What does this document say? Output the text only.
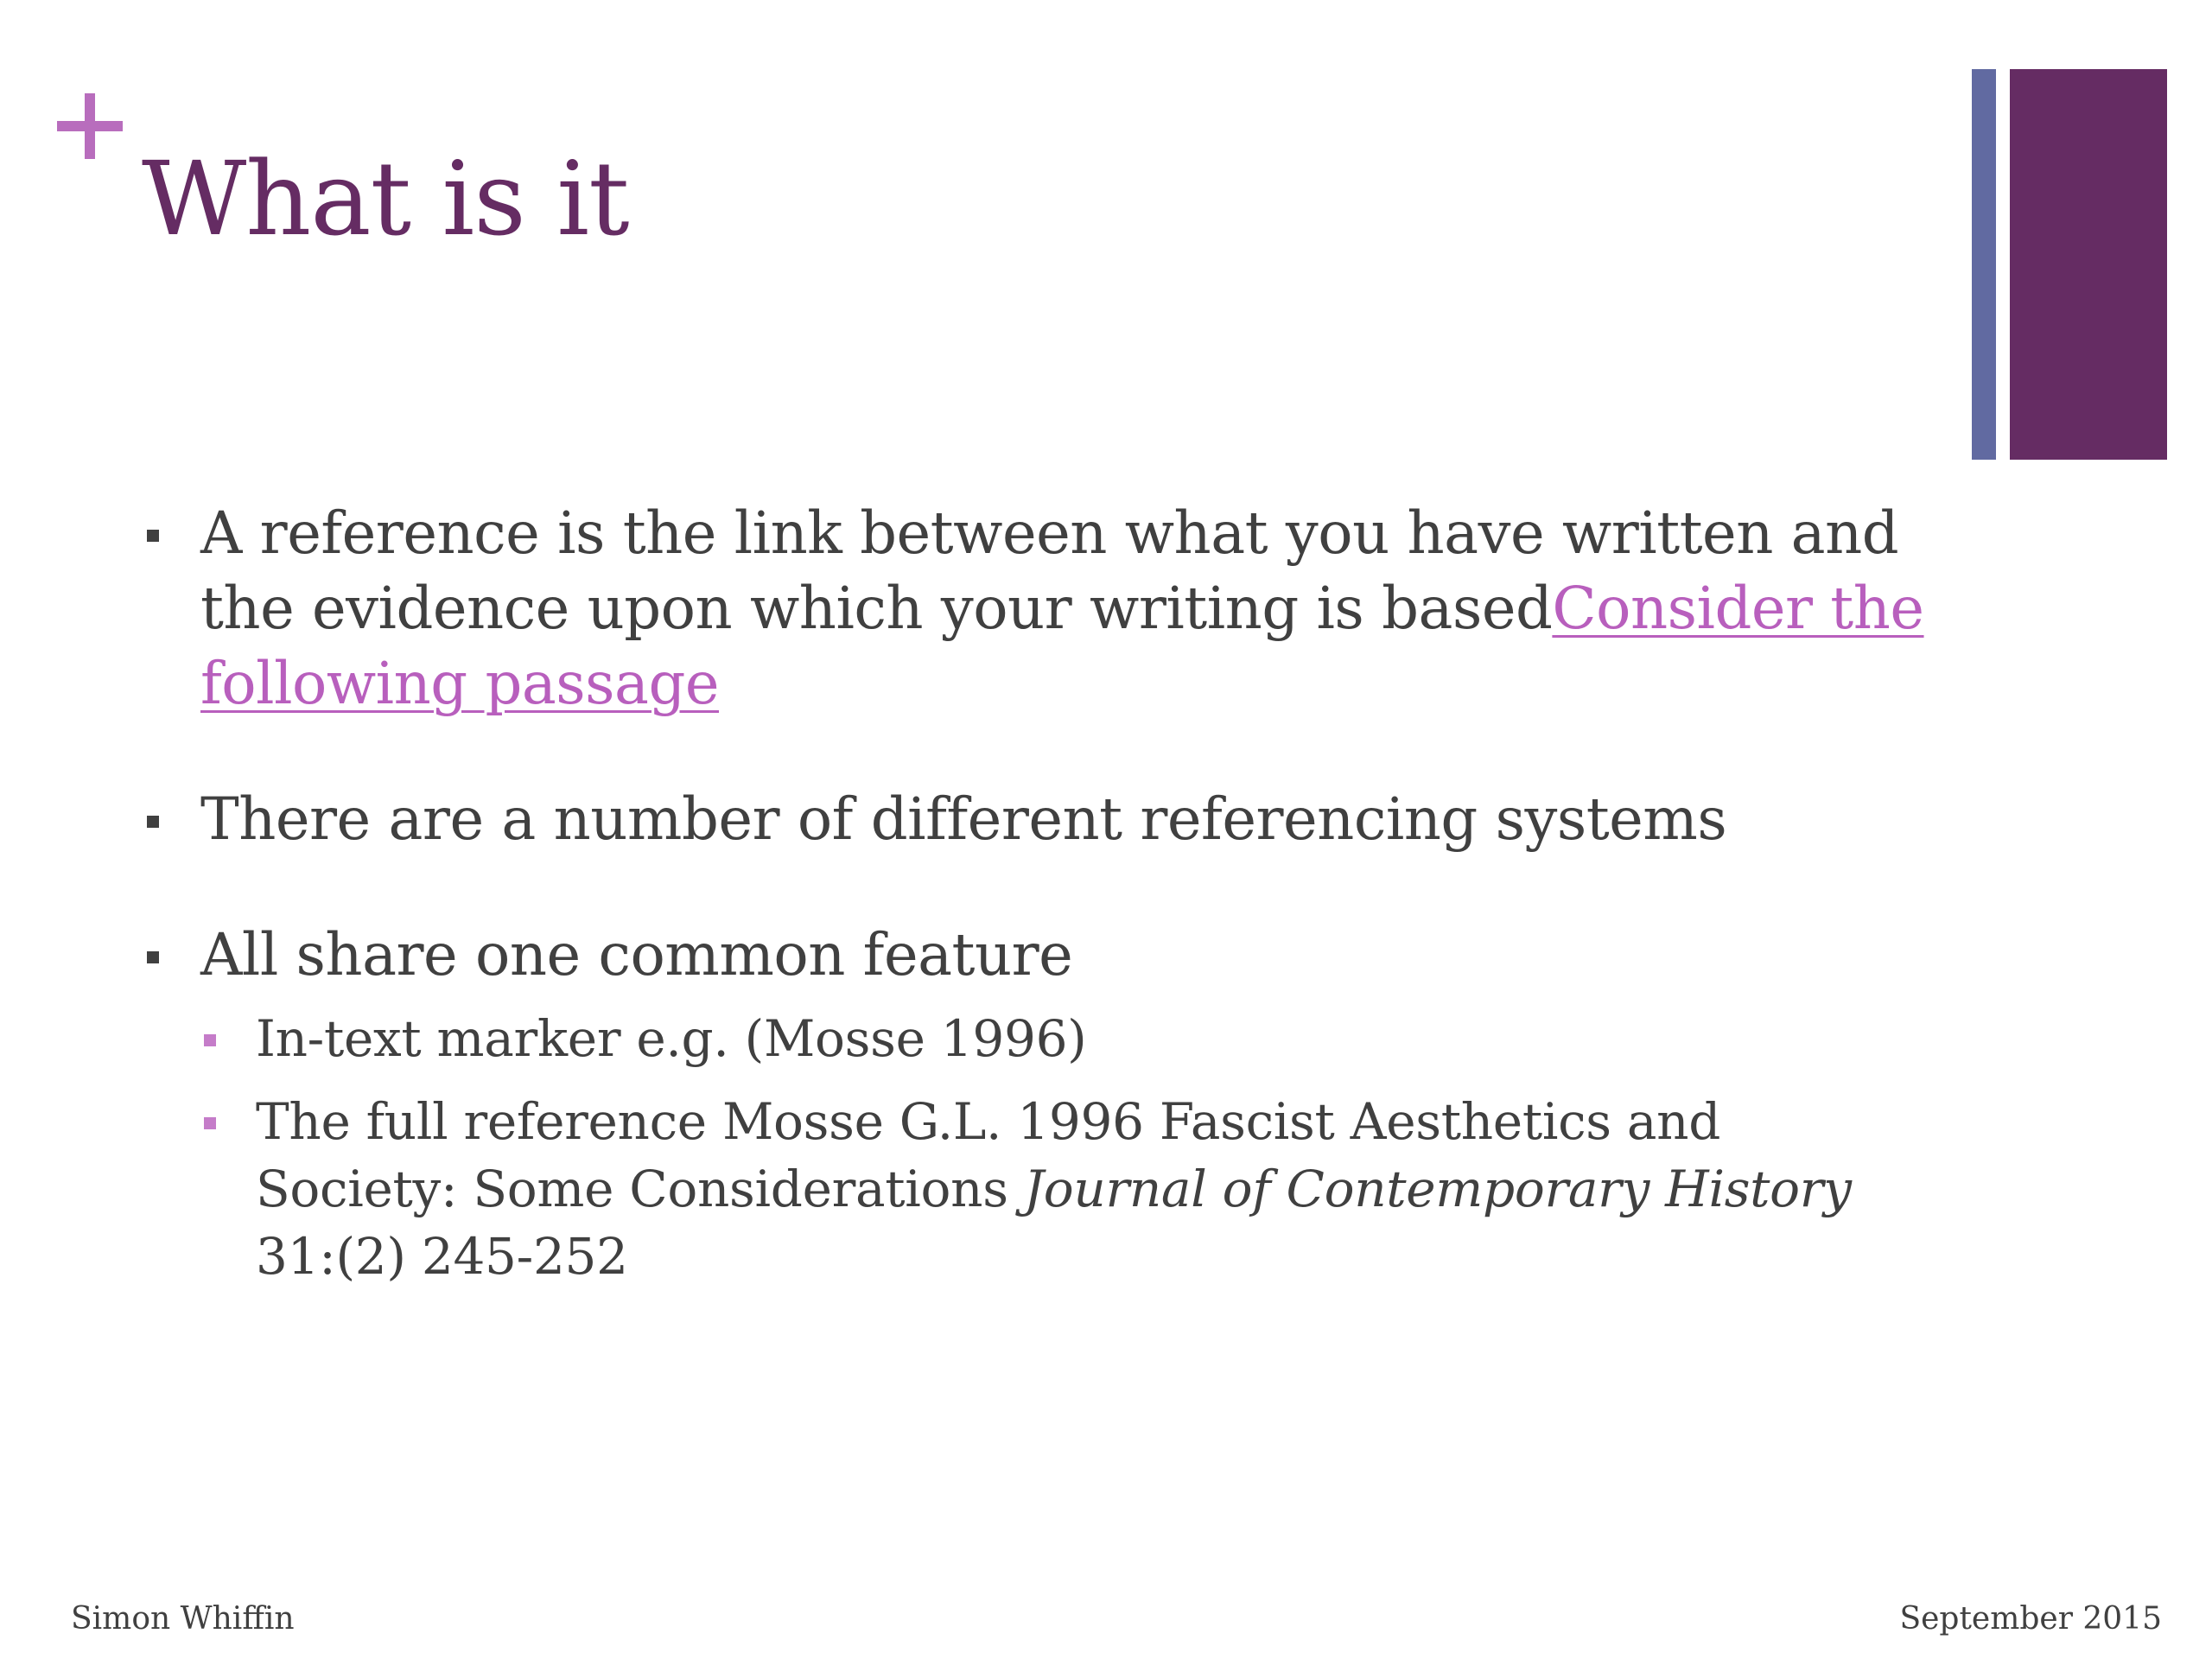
What is it
A reference is the link between what you have written and the evidence upon which your writing is basedConsider the following passage
There are a number of different referencing systems
All share one common feature
In-text marker e.g. (Mosse 1996)
The full reference Mosse G.L. 1996 Fascist Aesthetics and Society: Some Considerations Journal of Contemporary History 31:(2) 245-252
Simon Whiffin	September 2015
